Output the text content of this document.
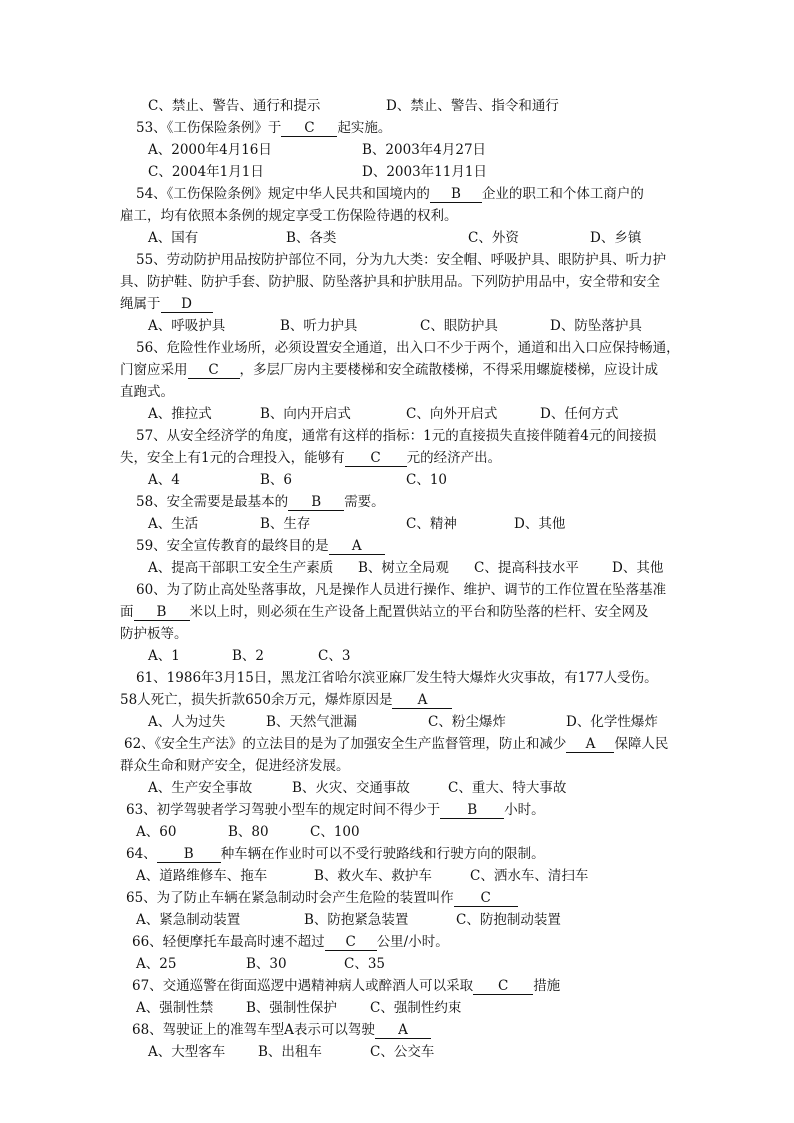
C、禁止、警告、通行和提示	D、禁止、警告、指令和通行
53、《工伤保险条例》于 C 起实施。
A、2000年4月16日	B、2003年4月27日
C、2004年1月1日	D、2003年11月1日
54、《工伤保险条例》规定中华人民共和国境内的 B 企业的职工和个体工商户的
雇工，均有依照本条例的规定享受工伤保险待遇的权利。
A、国有	B、各类	C、外资	D、乡镇
55、劳动防护用品按防护部位不同，分为九大类：安全帽、呼吸护具、眼防护具、听力护
具、防护鞋、防护手套、防护服、防坠落护具和护肤用品。下列防护用品中，安全带和安全
绳属于 D
A、呼吸护具	B、听力护具	C、眼防护具	D、防坠落护具
56、危险性作业场所，必须设置安全通道，出入口不少于两个，通道和出入口应保持畅通，
门窗应采用 C ，多层厂房内主要楼梯和安全疏散楼梯，不得采用螺旋楼梯，应设计成
直跑式。
A、推拉式	B、向内开启式	C、向外开启式	D、任何方式
57、从安全经济学的角度，通常有这样的指标：1元的直接损失直接伴随着4元的间接损
失，安全上有1元的合理投入，能够有 C 元的经济产出。
A、4	B、6	C、10
58、安全需要是最基本的 B 需要。
A、生活	B、生存	C、精神	D、其他
59、安全宣传教育的最终目的是 A
A、提高干部职工安全生产素质 B、树立全局观 C、提高科技水平 D、其他
60、为了防止高处坠落事故，凡是操作人员进行操作、维护、调节的工作位置在坠落基准
面 B 米以上时，则必须在生产设备上配置供站立的平台和防坠落的栏杆、安全网及
防护板等。
A、1	B、2	C、3
61、1986年3月15日，黑龙江省哈尔滨亚麻厂发生特大爆炸火灾事故，有177人受伤。
58人死亡，损失折款650余万元，爆炸原因是 A
A、人为过失	B、天然气泄漏	C、粉尘爆炸	D、化学性爆炸
62、《安全生产法》的立法目的是为了加强安全生产监督管理，防止和减少 A 保障人民
群众生命和财产安全，促进经济发展。
A、生产安全事故	B、火灾、交通事故	C、重大、特大事故
63、初学驾驶者学习驾驶小型车的规定时间不得少于 B 小时。
A、60	B、80	C、100
64、 B 种车辆在作业时可以不受行驶路线和行驶方向的限制。
A、道路维修车、拖车	B、救火车、救护车	C、洒水车、清扫车
65、为了防止车辆在紧急制动时会产生危险的装置叫作 C
A、紧急制动装置	B、防抱紧急装置	C、防抱制动装置
66、轻便摩托车最高时速不超过 C 公里/小时。
A、25	B、30	C、35
67、交通巡警在街面巡逻中遇精神病人或醉酒人可以采取 C 措施
A、强制性禁 B、强制性保护 C、强制性约束
68、驾驶证上的准驾车型A表示可以驾驶 A
A、大型客车 B、出租车	C、公交车
